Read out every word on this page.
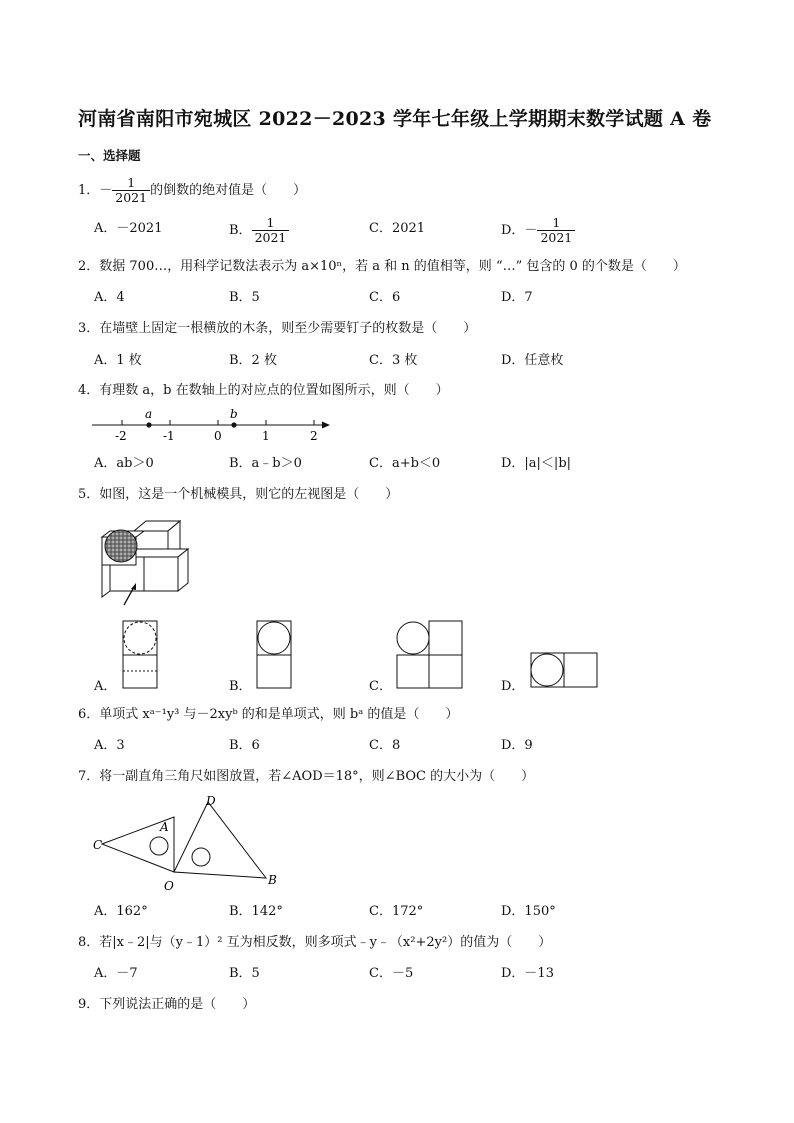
河南省南阳市宛城区 2022－2023 学年七年级上学期期末数学试题 A 卷
一、选择题
1．－ $\frac{1}{2021}$ 的倒数的绝对值是（　　）
A．－2021	B． $\frac{1}{2021}$	C．2021	D．－ $\frac{1}{2021}$
2．数据 700…，用科学记数法表示为 a×10ⁿ，若 a 和 n 的值相等，则 “…” 包含的 0 的个数是（　　）
A．4	B．5	C．6	D．7
3．在墙壁上固定一根横放的木条，则至少需要钉子的枚数是（　　）
A．1 枚	B．2 枚	C．3 枚	D．任意枚
4．有理数 a，b 在数轴上的对应点的位置如图所示，则（　　）
a	b
-2	-1	0	1	2
A．ab＞0	B．a﹣b＞0	C．a+b＜0	D．|a|＜|b|
5．如图，这是一个机械模具，则它的左视图是（　　）
A．	B．	C．	D．
6．单项式 xᵃ⁻¹y³ 与－2xyᵇ 的和是单项式，则 bᵃ 的值是（　　）
A．3	B．6	C．8	D．9
7．将一副直角三角尺如图放置，若∠AOD＝18°，则∠BOC 的大小为（　　）
C
A
D
O	B
A．162°	B．142°	C．172°	D．150°
8．若|x﹣2|与（y﹣1）² 互为相反数，则多项式﹣y﹣（x²+2y²）的值为（　　）
A．－7	B．5	C．－5	D．－13
9．下列说法正确的是（　　）
